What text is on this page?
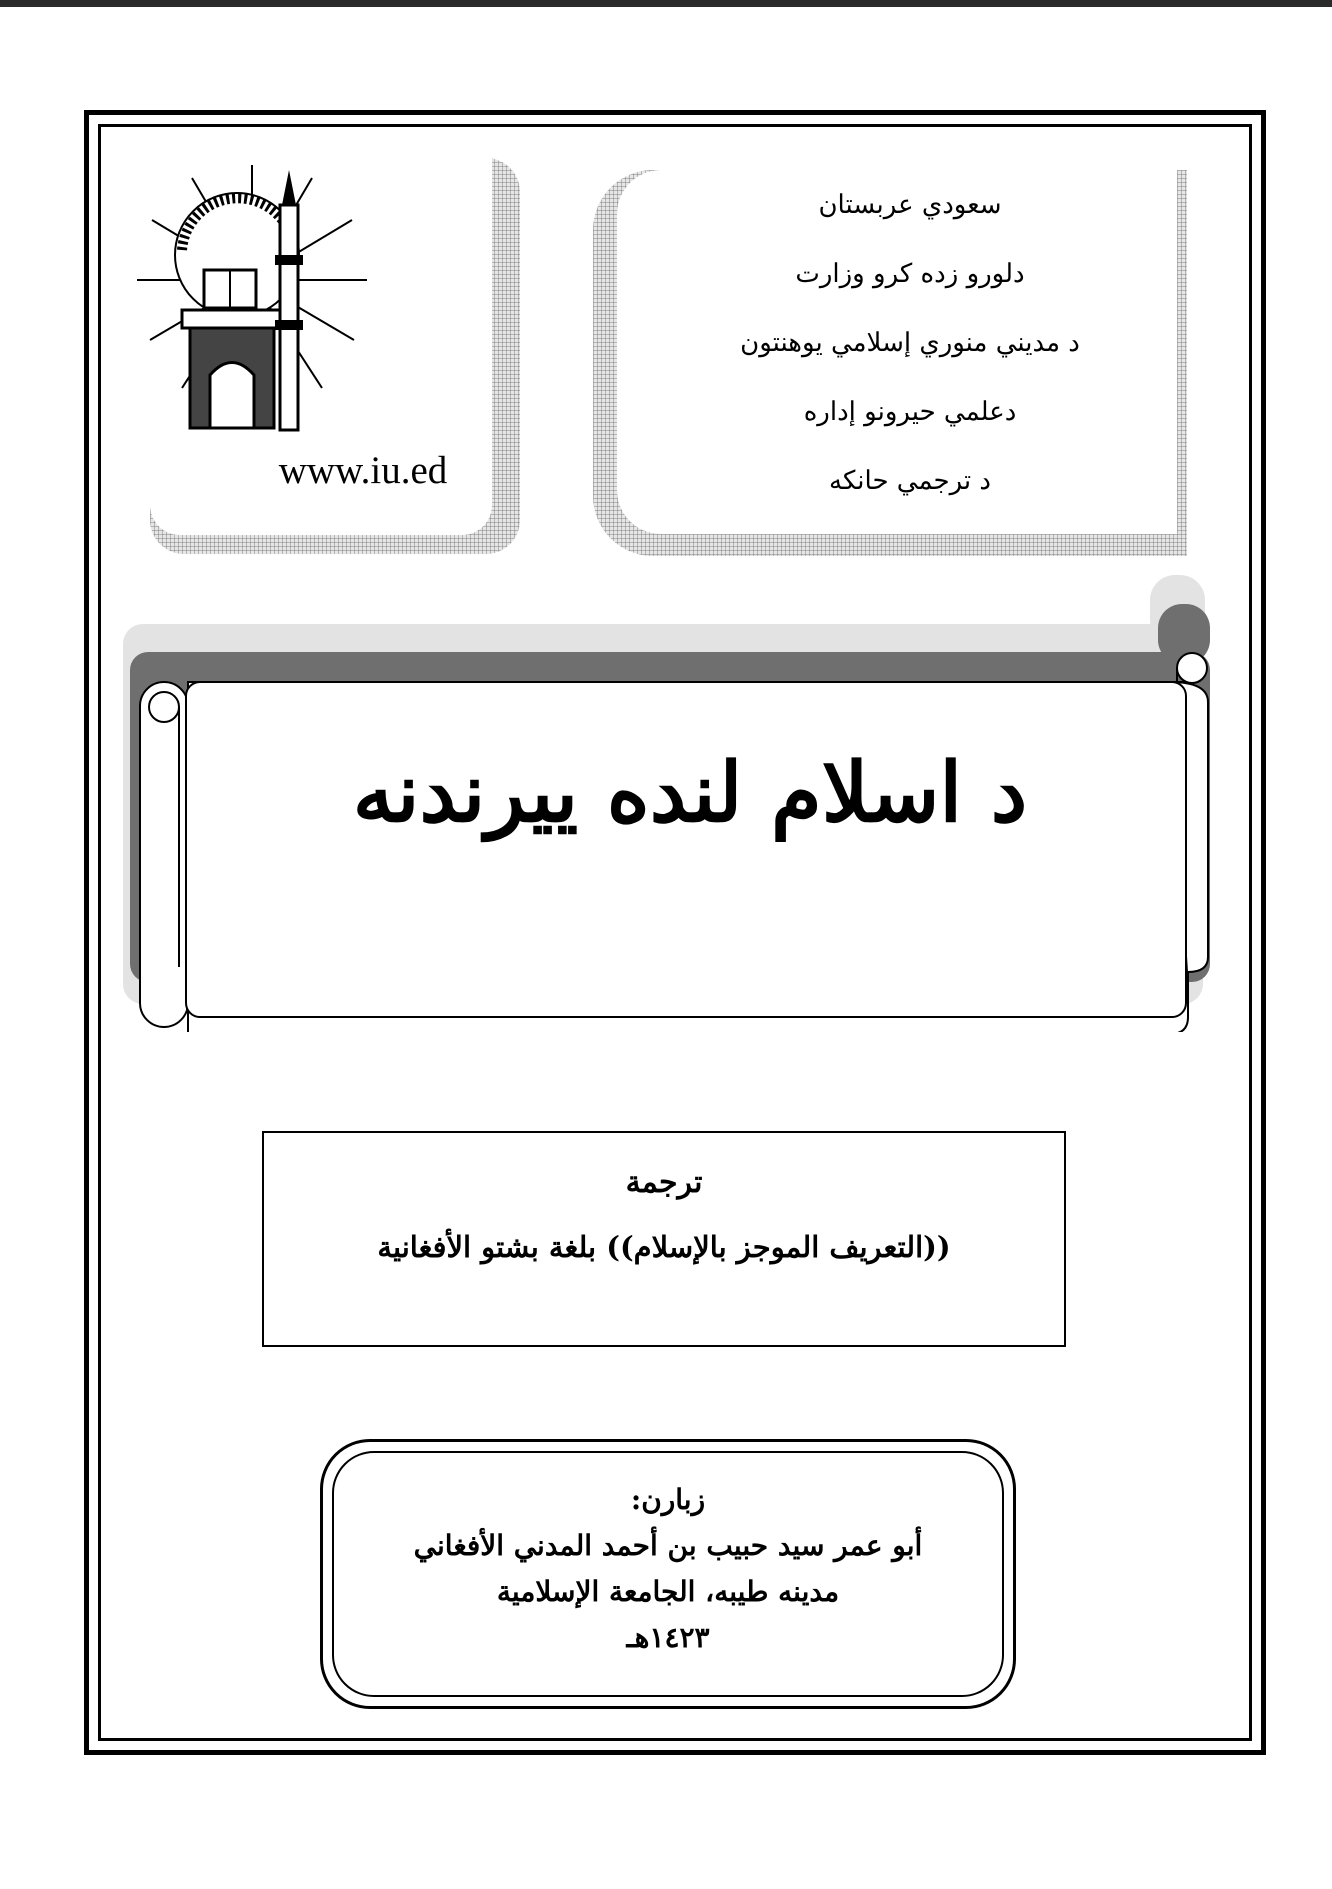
www.iu.ed
سعودي عربستان
دلورو زده كرو وزارت
د مديني منوري إسلامي يوهنتون
دعلمي حيرونو إداره
د ترجمي حانكه
د اسلام لنده ييرندنه
ترجمة
((التعريف الموجز بالإسلام)) بلغة بشتو الأفغانية
زبارن:
أبو عمر سيد حبيب بن أحمد المدني الأفغاني
مدينه طيبه، الجامعة الإسلامية
١٤٢٣هـ
